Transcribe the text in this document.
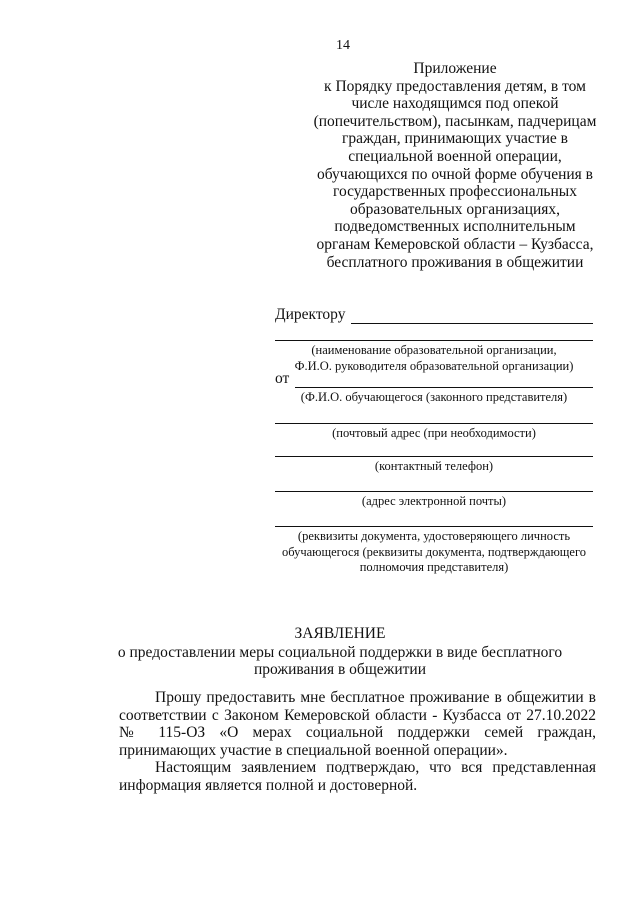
14
Приложение
к Порядку предоставления детям, в том
числе находящимся под опекой
(попечительством), пасынкам, падчерицам
граждан, принимающих участие в
специальной военной операции,
обучающихся по очной форме обучения в
государственных профессиональных
образовательных организациях,
подведомственных исполнительным
органам Кемеровской области – Кузбасса,
бесплатного проживания в общежитии
Директору
(наименование образовательной организации,
Ф.И.О. руководителя образовательной организации)
от
(Ф.И.О. обучающегося (законного представителя)
(почтовый адрес (при необходимости)
(контактный телефон)
(адрес электронной почты)
(реквизиты документа, удостоверяющего личность
обучающегося (реквизиты документа, подтверждающего
полномочия представителя)
ЗАЯВЛЕНИЕ
о предоставлении меры социальной поддержки в виде бесплатного
проживания в общежитии

Прошу предоставить мне бесплатное проживание в общежитии в соответствии с Законом Кемеровской области - Кузбасса от 27.10.2022 № 115-ОЗ «О мерах социальной поддержки семей граждан, принимающих участие в специальной военной операции».

Настоящим заявлением подтверждаю, что вся представленная информация является полной и достоверной.
